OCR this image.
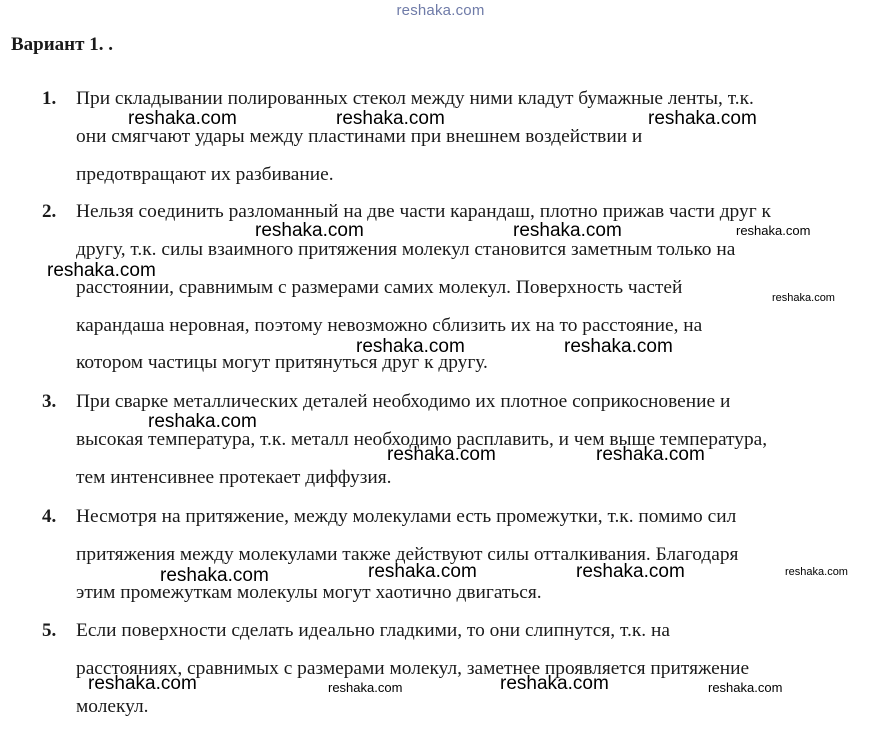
reshaka.com
Вариант 1. .
1. При складывании полированных стекол между ними кладут бумажные ленты, т.к.
они смягчают удары между пластинами при внешнем воздействии и
предотвращают их разбивание.
2. Нельзя соединить разломанный на две части карандаш, плотно прижав части друг к
другу, т.к. силы взаимного притяжения молекул становится заметным только на
расстоянии, сравнимым с размерами самих молекул. Поверхность частей
карандаша неровная, поэтому невозможно сблизить их на то расстояние, на
котором частицы могут притянуться друг к другу.
3. При сварке металлических деталей необходимо их плотное соприкосновение и
высокая температура, т.к. металл необходимо расплавить, и чем выше температура,
тем интенсивнее протекает диффузия.
4. Несмотря на притяжение, между молекулами есть промежутки, т.к. помимо сил
притяжения между молекулами также действуют силы отталкивания. Благодаря
этим промежуткам молекулы могут хаотично двигаться.
5. Если поверхности сделать идеально гладкими, то они слипнутся, т.к. на
расстояниях, сравнимых с размерами молекул, заметнее проявляется притяжение
молекул.
reshaka.com	reshaka.com	reshaka.com
reshaka.com	reshaka.com	reshaka.com
reshaka.com
reshaka.com
reshaka.com	reshaka.com
reshaka.com
reshaka.com	reshaka.com
reshaka.com	reshaka.com	reshaka.com	reshaka.com
reshaka.com	reshaka.com	reshaka.com	reshaka.com
